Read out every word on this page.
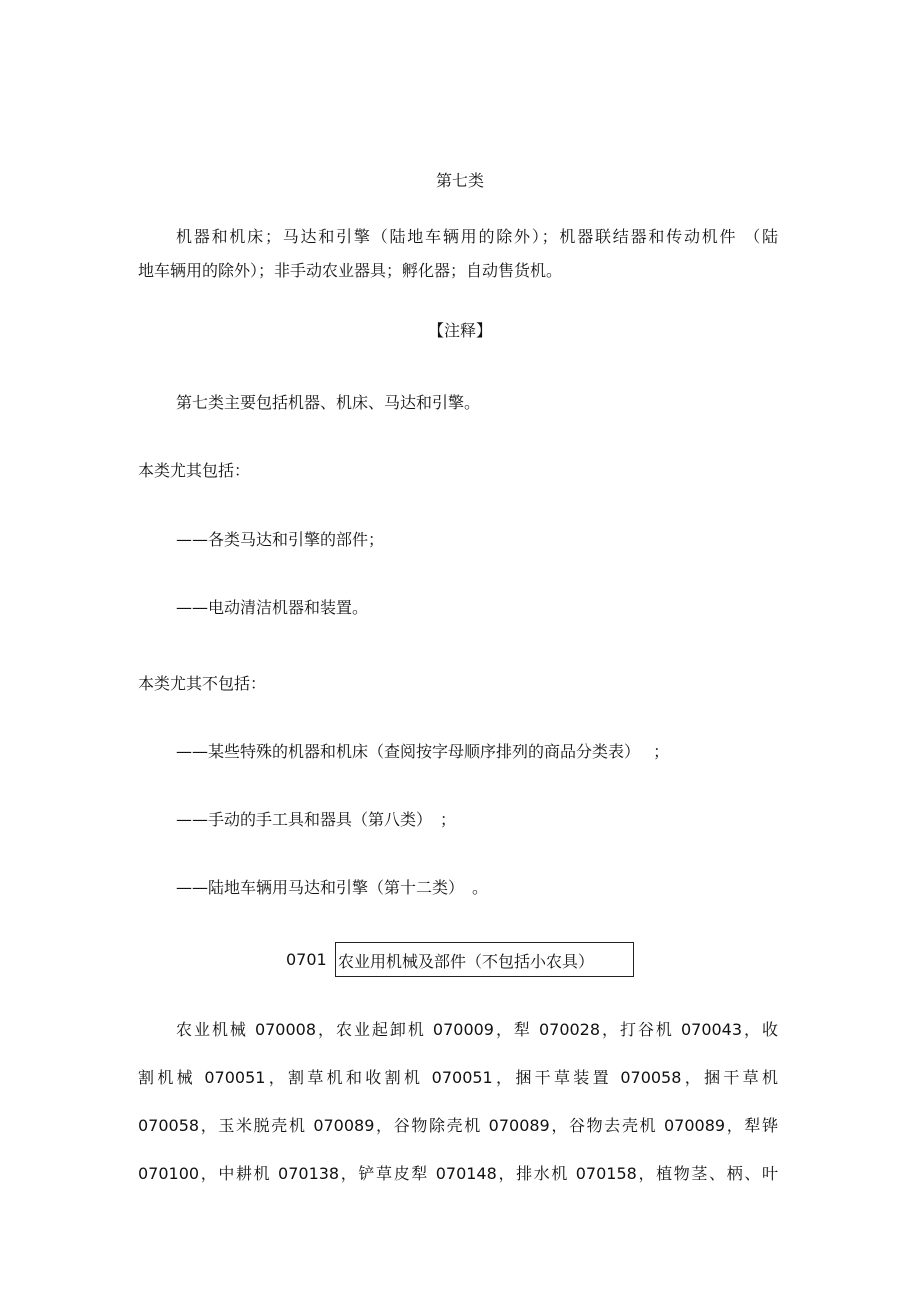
第七类
机器和机床；马达和引擎（陆地车辆用的除外）；机器联结器和传动机件 （陆
地车辆用的除外）；非手动农业器具；孵化器；自动售货机。
【注释】
第七类主要包括机器、机床、马达和引擎。
本类尤其包括：
——各类马达和引擎的部件；
——电动清洁机器和装置。
本类尤其不包括：
——某些特殊的机器和机床（查阅按字母顺序排列的商品分类表）　 ；
——手动的手工具和器具（第八类）　；
——陆地车辆用马达和引擎（第十二类）　。
0701 农业用机械及部件（不包括小农具）
农业机械 070008，农业起卸机 070009，犁 070028，打谷机 070043，收
割机械 070051，割草机和收割机 070051，捆干草装置 070058，捆干草机
070058，玉米脱壳机 070089，谷物除壳机 070089，谷物去壳机 070089，犁铧
070100，中耕机 070138，铲草皮犁 070148，排水机 070158，植物茎、柄、叶
